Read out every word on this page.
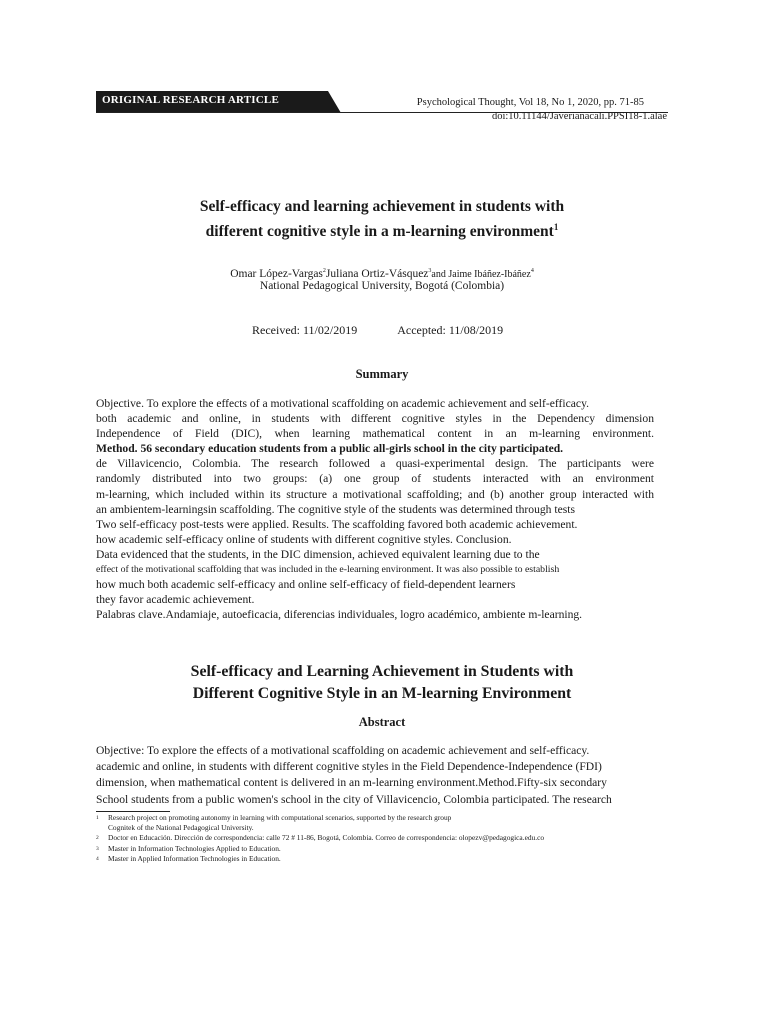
ORIGINAL RESEARCH ARTICLE	Psychological Thought, Vol 18, No 1, 2020, pp. 71-85
doi:10.11144/Javerianacali.PPSI18-1.alae
Self-efficacy and learning achievement in students with
different cognitive style in a m-learning environment$^1$
Omar López-Vargas$^2$Juliana Ortiz-Vásquez$^3$and Jaime Ibáñez-Ibáñez$^4$
National Pedagogical University, Bogotá (Colombia)
Received: 11/02/2019	Accepted: 11/08/2019
Summary
Objective. To explore the effects of a motivational scaffolding on academic achievement and self-efficacy.
both academic and online, in students with different cognitive styles in the Dependency dimension
Independence of Field (DIC), when learning mathematical content in an m-learning environment.
Method. 56 secondary education students from a public all-girls school in the city participated.
de Villavicencio, Colombia. The research followed a quasi-experimental design. The participants were
randomly distributed into two groups: (a) one group of students interacted with an environment
m-learning, which included within its structure a motivational scaffolding; and (b) another group interacted with
an ambientem-learningsin scaffolding. The cognitive style of the students was determined through tests
Two self-efficacy post-tests were applied. Results. The scaffolding favored both academic achievement.
how academic self-efficacy online of students with different cognitive styles. Conclusion.
Data evidenced that the students, in the DIC dimension, achieved equivalent learning due to the
effect of the motivational scaffolding that was included in the e-learning environment. It was also possible to establish
how much both academic self-efficacy and online self-efficacy of field-dependent learners
they favor academic achievement.
Palabras clave.Andamiaje, autoeficacia, diferencias individuales, logro académico, ambiente m-learning.
Self-efficacy and Learning Achievement in Students with
Different Cognitive Style in an M-learning Environment
Abstract
Objective: To explore the effects of a motivational scaffolding on academic achievement and self-efficacy.
academic and online, in students with different cognitive styles in the Field Dependence-Independence (FDI)
dimension, when mathematical content is delivered in an m-learning environment.Method.Fifty-six secondary
School students from a public women's school in the city of Villavicencio, Colombia participated. The research
1 Research project on promoting autonomy in learning with computational scenarios, supported by the research group
Cognitek of the National Pedagogical University.
2 Doctor en Educación. Dirección de correspondencia: calle 72 # 11-86, Bogotá, Colombia. Correo de correspondencia: olopezv@pedagogica.edu.co
3 Master in Information Technologies Applied to Education.
4 Master in Applied Information Technologies in Education.
